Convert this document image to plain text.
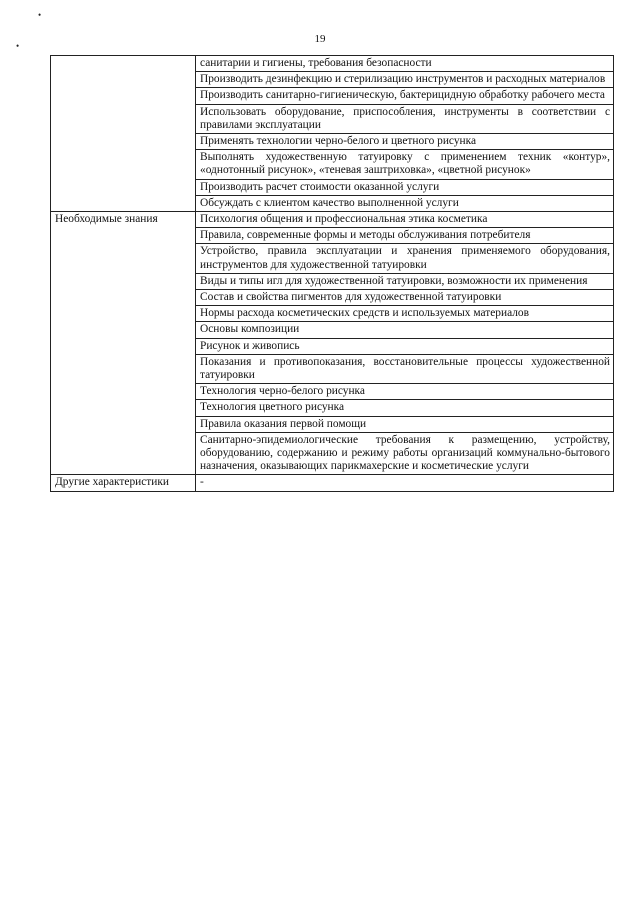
•
•
19
	санитарии и гигиены, требования безопасности
	Производить дезинфекцию и стерилизацию инструментов и расходных материалов
	Производить санитарно-гигиеническую, бактерицидную обработку рабочего места
	Использовать оборудование, приспособления, инструменты в соответствии с правилами эксплуатации
	Применять технологии черно-белого и цветного рисунка
	Выполнять художественную татуировку с применением техник «контур», «однотонный рисунок», «теневая заштриховка», «цветной рисунок»
	Производить расчет стоимости оказанной услуги
	Обсуждать с клиентом качество выполненной услуги
Необходимые знания	Психология общения и профессиональная этика косметика
	Правила, современные формы и методы обслуживания потребителя
	Устройство, правила эксплуатации и хранения применяемого оборудования, инструментов для художественной татуировки
	Виды и типы игл для художественной татуировки, возможности их применения
	Состав и свойства пигментов для художественной татуировки
	Нормы расхода косметических средств и используемых материалов
	Основы композиции
	Рисунок и живопись
	Показания и противопоказания, восстановительные процессы художественной татуировки
	Технология черно-белого рисунка
	Технология цветного рисунка
	Правила оказания первой помощи
	Санитарно-эпидемиологические требования к размещению, устройству, оборудованию, содержанию и режиму работы организаций коммунально-бытового назначения, оказывающих парикмахерские и косметические услуги
Другие характеристики	-
